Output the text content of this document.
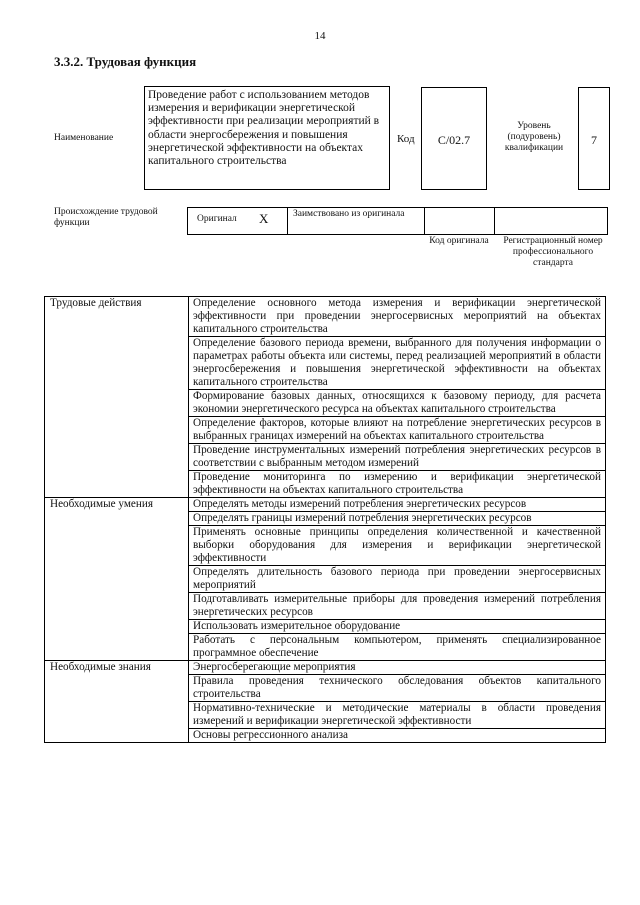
14
3.3.2. Трудовая функция
Наименование
Проведение работ с использованием методов измерения и верификации энергетической эффективности при реализации мероприятий в области энергосбережения и повышения энергетической эффективности на объектах капитального строительства
Код	С/02.7
Уровень (подуровень) квалификации
7
Происхождение трудовой функции	Оригинал X	Заимствовано из оригинала
Код оригинала	Регистрационный номер профессионального стандарта
Трудовые действия	Определение основного метода измерения и верификации энергетической эффективности при проведении энергосервисных мероприятий на объектах капитального строительства
	Определение базового периода времени, выбранного для получения информации о параметрах работы объекта или системы, перед реализацией мероприятий в области энергосбережения и повышения энергетической эффективности на объектах капитального строительства
	Формирование базовых данных, относящихся к базовому периоду, для расчета экономии энергетического ресурса на объектах капитального строительства
	Определение факторов, которые влияют на потребление энергетических ресурсов в выбранных границах измерений на объектах капитального строительства
	Проведение инструментальных измерений потребления энергетических ресурсов в соответствии с выбранным методом измерений
	Проведение мониторинга по измерению и верификации энергетической эффективности на объектах капитального строительства
Необходимые умения	Определять методы измерений потребления энергетических ресурсов
	Определять границы измерений потребления энергетических ресурсов
	Применять основные принципы определения количественной и качественной выборки оборудования для измерения и верификации энергетической эффективности
	Определять длительность базового периода при проведении энергосервисных мероприятий
	Подготавливать измерительные приборы для проведения измерений потребления энергетических ресурсов
	Использовать измерительное оборудование
	Работать с персональным компьютером, применять специализированное программное обеспечение
Необходимые знания	Энергосберегающие мероприятия
	Правила проведения технического обследования объектов капитального строительства
	Нормативно-технические и методические материалы в области проведения измерений и верификации энергетической эффективности
	Основы регрессионного анализа
